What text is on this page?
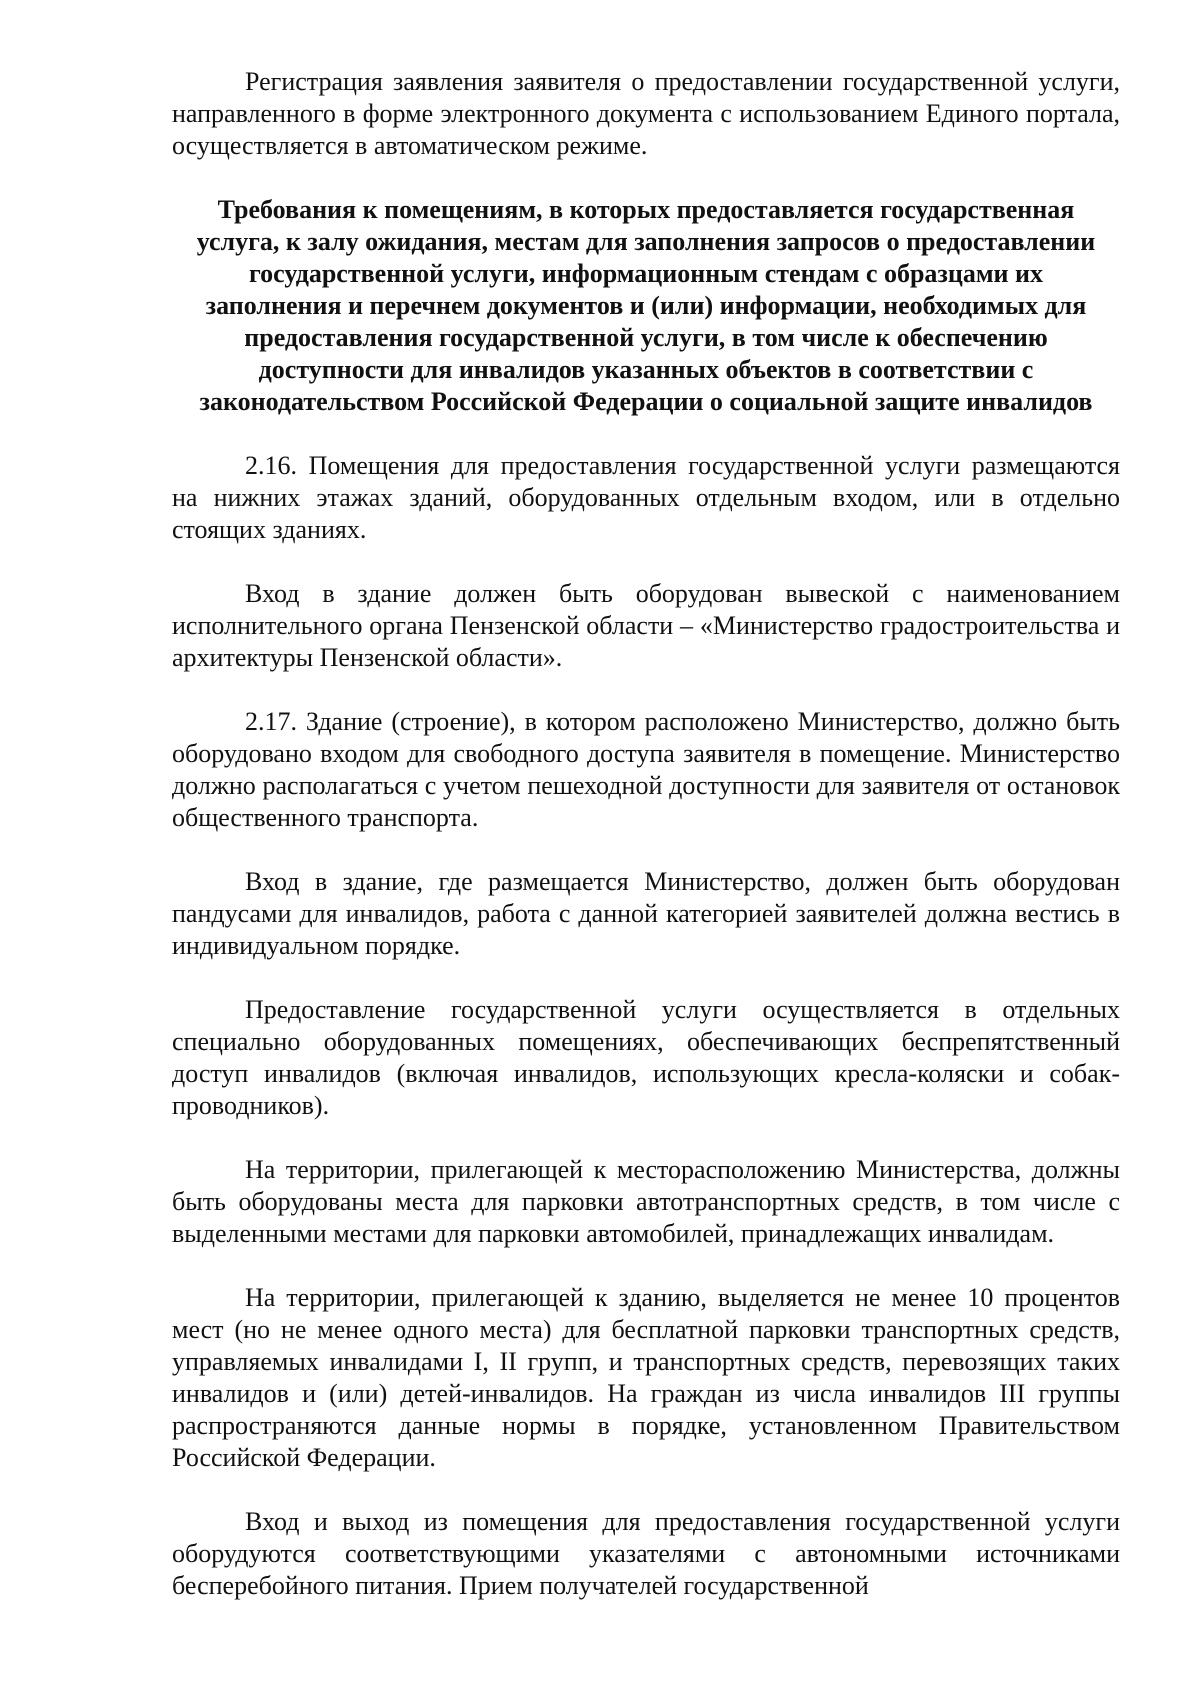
Регистрация заявления заявителя о предоставлении государственной услуги, направленного в форме электронного документа с использованием Единого портала, осуществляется в автоматическом режиме.

Требования к помещениям, в которых предоставляется государственная услуга, к залу ожидания, местам для заполнения запросов о предоставлении государственной услуги, информационным стендам с образцами их заполнения и перечнем документов и (или) информации, необходимых для предоставления государственной услуги, в том числе к обеспечению доступности для инвалидов указанных объектов в соответствии с законодательством Российской Федерации о социальной защите инвалидов

2.16. Помещения для предоставления государственной услуги размещаются на нижних этажах зданий, оборудованных отдельным входом, или в отдельно стоящих зданиях.

Вход в здание должен быть оборудован вывеской с наименованием исполнительного органа Пензенской области – «Министерство градостроительства и архитектуры Пензенской области».

2.17. Здание (строение), в котором расположено Министерство, должно быть оборудовано входом для свободного доступа заявителя в помещение. Министерство должно располагаться с учетом пешеходной доступности для заявителя от остановок общественного транспорта.

Вход в здание, где размещается Министерство, должен быть оборудован пандусами для инвалидов, работа с данной категорией заявителей должна вестись в индивидуальном порядке.

Предоставление государственной услуги осуществляется в отдельных специально оборудованных помещениях, обеспечивающих беспрепятственный доступ инвалидов (включая инвалидов, использующих кресла-коляски и собак-проводников).

На территории, прилегающей к месторасположению Министерства, должны быть оборудованы места для парковки автотранспортных средств, в том числе с выделенными местами для парковки автомобилей, принадлежащих инвалидам.

На территории, прилегающей к зданию, выделяется не менее 10 процентов мест (но не менее одного места) для бесплатной парковки транспортных средств, управляемых инвалидами I, II групп, и транспортных средств, перевозящих таких инвалидов и (или) детей-инвалидов. На граждан из числа инвалидов III группы распространяются данные нормы в порядке, установленном Правительством Российской Федерации.

Вход и выход из помещения для предоставления государственной услуги оборудуются соответствующими указателями с автономными источниками бесперебойного питания. Прием получателей государственной
